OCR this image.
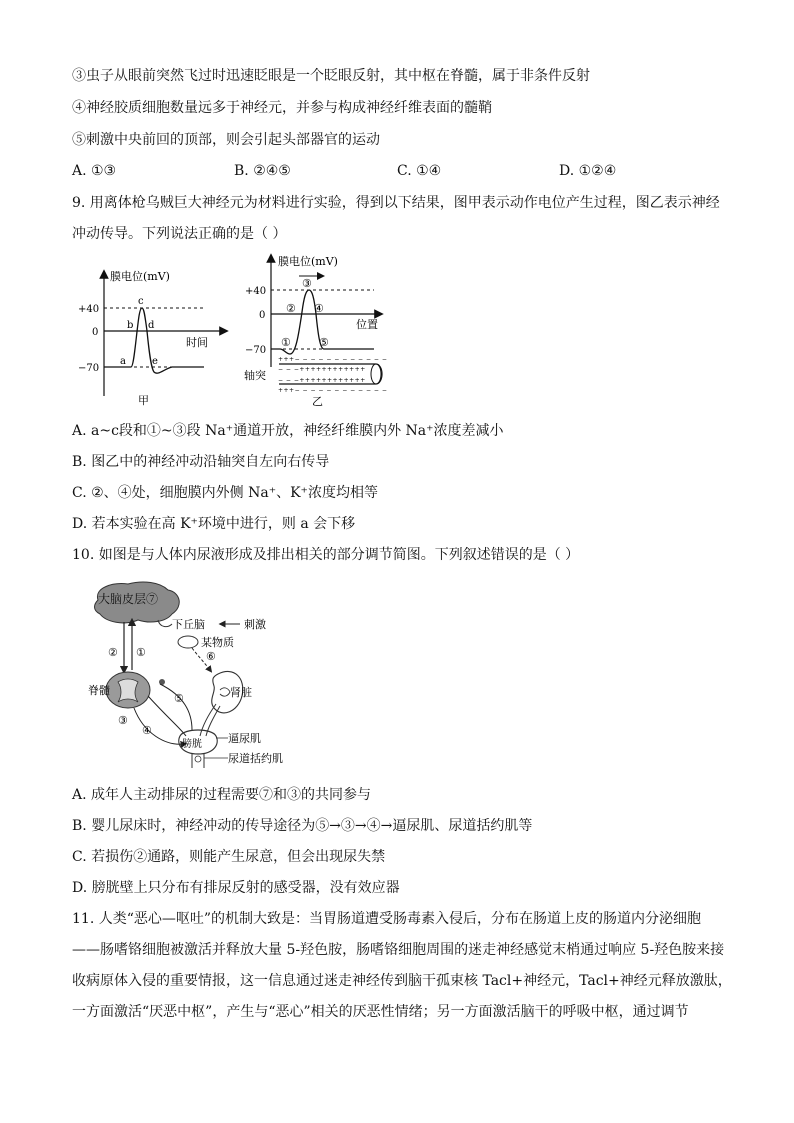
③虫子从眼前突然飞过时迅速眨眼是一个眨眼反射，其中枢在脊髓，属于非条件反射
④神经胶质细胞数量远多于神经元，并参与构成神经纤维表面的髓鞘
⑤刺激中央前回的顶部，则会引起头部器官的运动
A. ①③	B. ②④⑤	C. ①④	D. ①②④
9. 用离体枪乌贼巨大神经元为材料进行实验，得到以下结果，图甲表示动作电位产生过程，图乙表示神经
冲动传导。下列说法正确的是（ ）
膜电位(mV)
时间
+40
0
−70
a
b
c
d
e
甲
膜电位(mV)
位置
+40
0
−70
①
②
③
④
⑤
+++− − − − − − − − − − − −
− − −++++++++++++
− − −++++++++++++
+++− − − − − − − − − − − −
轴突
乙
A. a~c段和①~③段 Na⁺通道开放，神经纤维膜内外 Na⁺浓度差减小
B. 图乙中的神经冲动沿轴突自左向右传导
C. ②、④处，细胞膜内外侧 Na⁺、K⁺浓度均相等
D. 若本实验在高 K⁺环境中进行，则 a 会下移
10. 如图是与人体内尿液形成及排出相关的部分调节简图。下列叙述错误的是（ ）
大脑皮层⑦
下丘脑	刺激
某物质
⑥
② ①
脊髓
③
④
⑤	肾脏
膀胱 逼尿肌
尿道括约肌
A. 成年人主动排尿的过程需要⑦和③的共同参与
B. 婴儿尿床时，神经冲动的传导途径为⑤→③→④→逼尿肌、尿道括约肌等
C. 若损伤②通路，则能产生尿意，但会出现尿失禁
D. 膀胱壁上只分布有排尿反射的感受器，没有效应器
11. 人类“恶心—呕吐”的机制大致是：当胃肠道遭受肠毒素入侵后，分布在肠道上皮的肠道内分泌细胞
——肠嗜铬细胞被激活并释放大量 5-羟色胺，肠嗜铬细胞周围的迷走神经感觉末梢通过响应 5-羟色胺来接
收病原体入侵的重要情报，这一信息通过迷走神经传到脑干孤束核 Tacl+神经元，Tacl+神经元释放激肽，
一方面激活“厌恶中枢”，产生与“恶心”相关的厌恶性情绪；另一方面激活脑干的呼吸中枢，通过调节
